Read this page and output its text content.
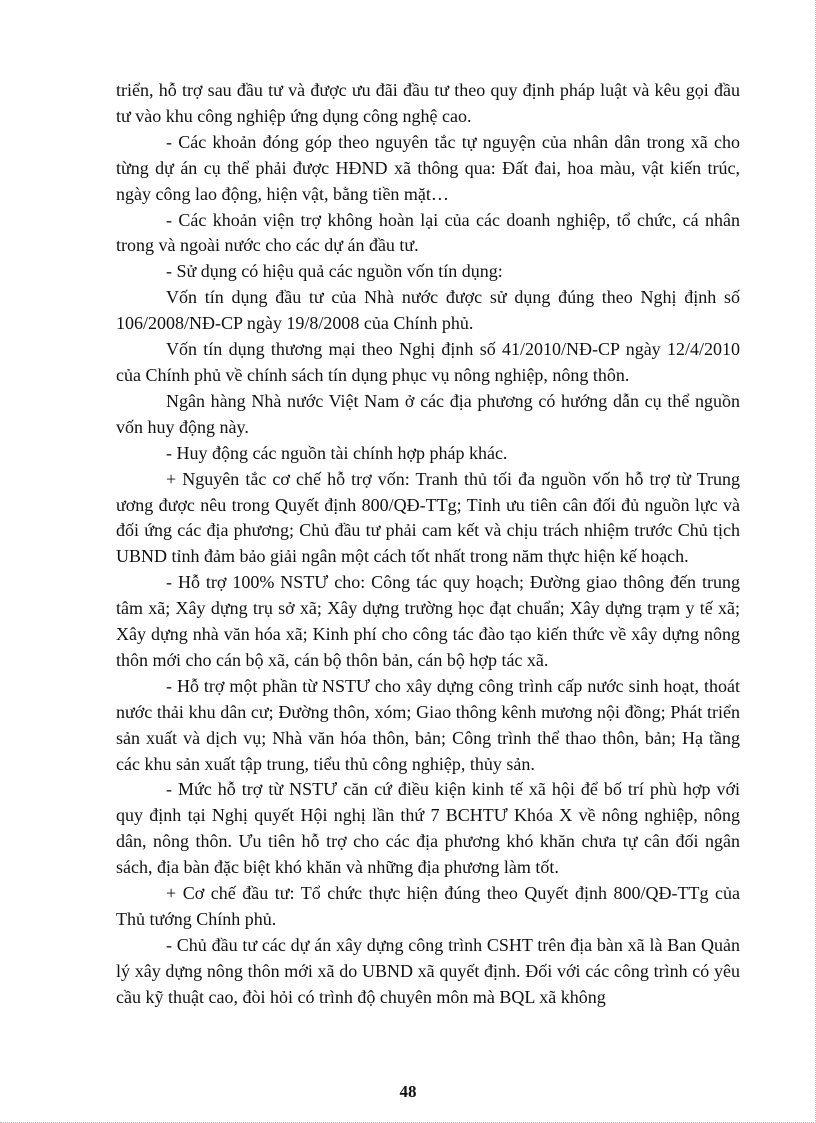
triển, hỗ trợ sau đầu tư và được ưu đãi đầu tư theo quy định pháp luật và kêu gọi đầu tư vào khu công nghiệp ứng dụng công nghệ cao.

- Các khoản đóng góp theo nguyên tắc tự nguyện của nhân dân trong xã cho từng dự án cụ thể phải được HĐND xã thông qua: Đất đai, hoa màu, vật kiến trúc, ngày công lao động, hiện vật, bằng tiền mặt…

- Các khoản viện trợ không hoàn lại của các doanh nghiệp, tổ chức, cá nhân trong và ngoài nước cho các dự án đầu tư.

- Sử dụng có hiệu quả các nguồn vốn tín dụng:

Vốn tín dụng đầu tư của Nhà nước được sử dụng đúng theo Nghị định số 106/2008/NĐ-CP ngày 19/8/2008 của Chính phủ.

Vốn tín dụng thương mại theo Nghị định số 41/2010/NĐ-CP ngày 12/4/2010 của Chính phủ về chính sách tín dụng phục vụ nông nghiệp, nông thôn.

Ngân hàng Nhà nước Việt Nam ở các địa phương có hướng dẫn cụ thể nguồn vốn huy động này.

- Huy động các nguồn tài chính hợp pháp khác.

+ Nguyên tắc cơ chế hỗ trợ vốn: Tranh thủ tối đa nguồn vốn hỗ trợ từ Trung ương được nêu trong Quyết định 800/QĐ-TTg; Tỉnh ưu tiên cân đối đủ nguồn lực và đối ứng các địa phương; Chủ đầu tư phải cam kết và chịu trách nhiệm trước Chủ tịch UBND tỉnh đảm bảo giải ngân một cách tốt nhất trong năm thực hiện kế hoạch.

- Hỗ trợ 100% NSTƯ cho: Công tác quy hoạch; Đường giao thông đến trung tâm xã; Xây dựng trụ sở xã; Xây dựng trường học đạt chuẩn; Xây dựng trạm y tế xã; Xây dựng nhà văn hóa xã; Kinh phí cho công tác đào tạo kiến thức về xây dựng nông thôn mới cho cán bộ xã, cán bộ thôn bản, cán bộ hợp tác xã.

- Hỗ trợ một phần từ NSTƯ cho xây dựng công trình cấp nước sinh hoạt, thoát nước thải khu dân cư; Đường thôn, xóm; Giao thông kênh mương nội đồng; Phát triển sản xuất và dịch vụ; Nhà văn hóa thôn, bản; Công trình thể thao thôn, bản; Hạ tầng các khu sản xuất tập trung, tiểu thủ công nghiệp, thủy sản.

- Mức hỗ trợ từ NSTƯ căn cứ điều kiện kinh tế xã hội để bố trí phù hợp với quy định tại Nghị quyết Hội nghị lần thứ 7 BCHTƯ Khóa X về nông nghiệp, nông dân, nông thôn. Ưu tiên hỗ trợ cho các địa phương khó khăn chưa tự cân đối ngân sách, địa bàn đặc biệt khó khăn và những địa phương làm tốt.

+ Cơ chế đầu tư: Tổ chức thực hiện đúng theo Quyết định 800/QĐ-TTg của Thủ tướng Chính phủ.

- Chủ đầu tư các dự án xây dựng công trình CSHT trên địa bàn xã là Ban Quản lý xây dựng nông thôn mới xã do UBND xã quyết định. Đối với các công trình có yêu cầu kỹ thuật cao, đòi hỏi có trình độ chuyên môn mà BQL xã không

48
